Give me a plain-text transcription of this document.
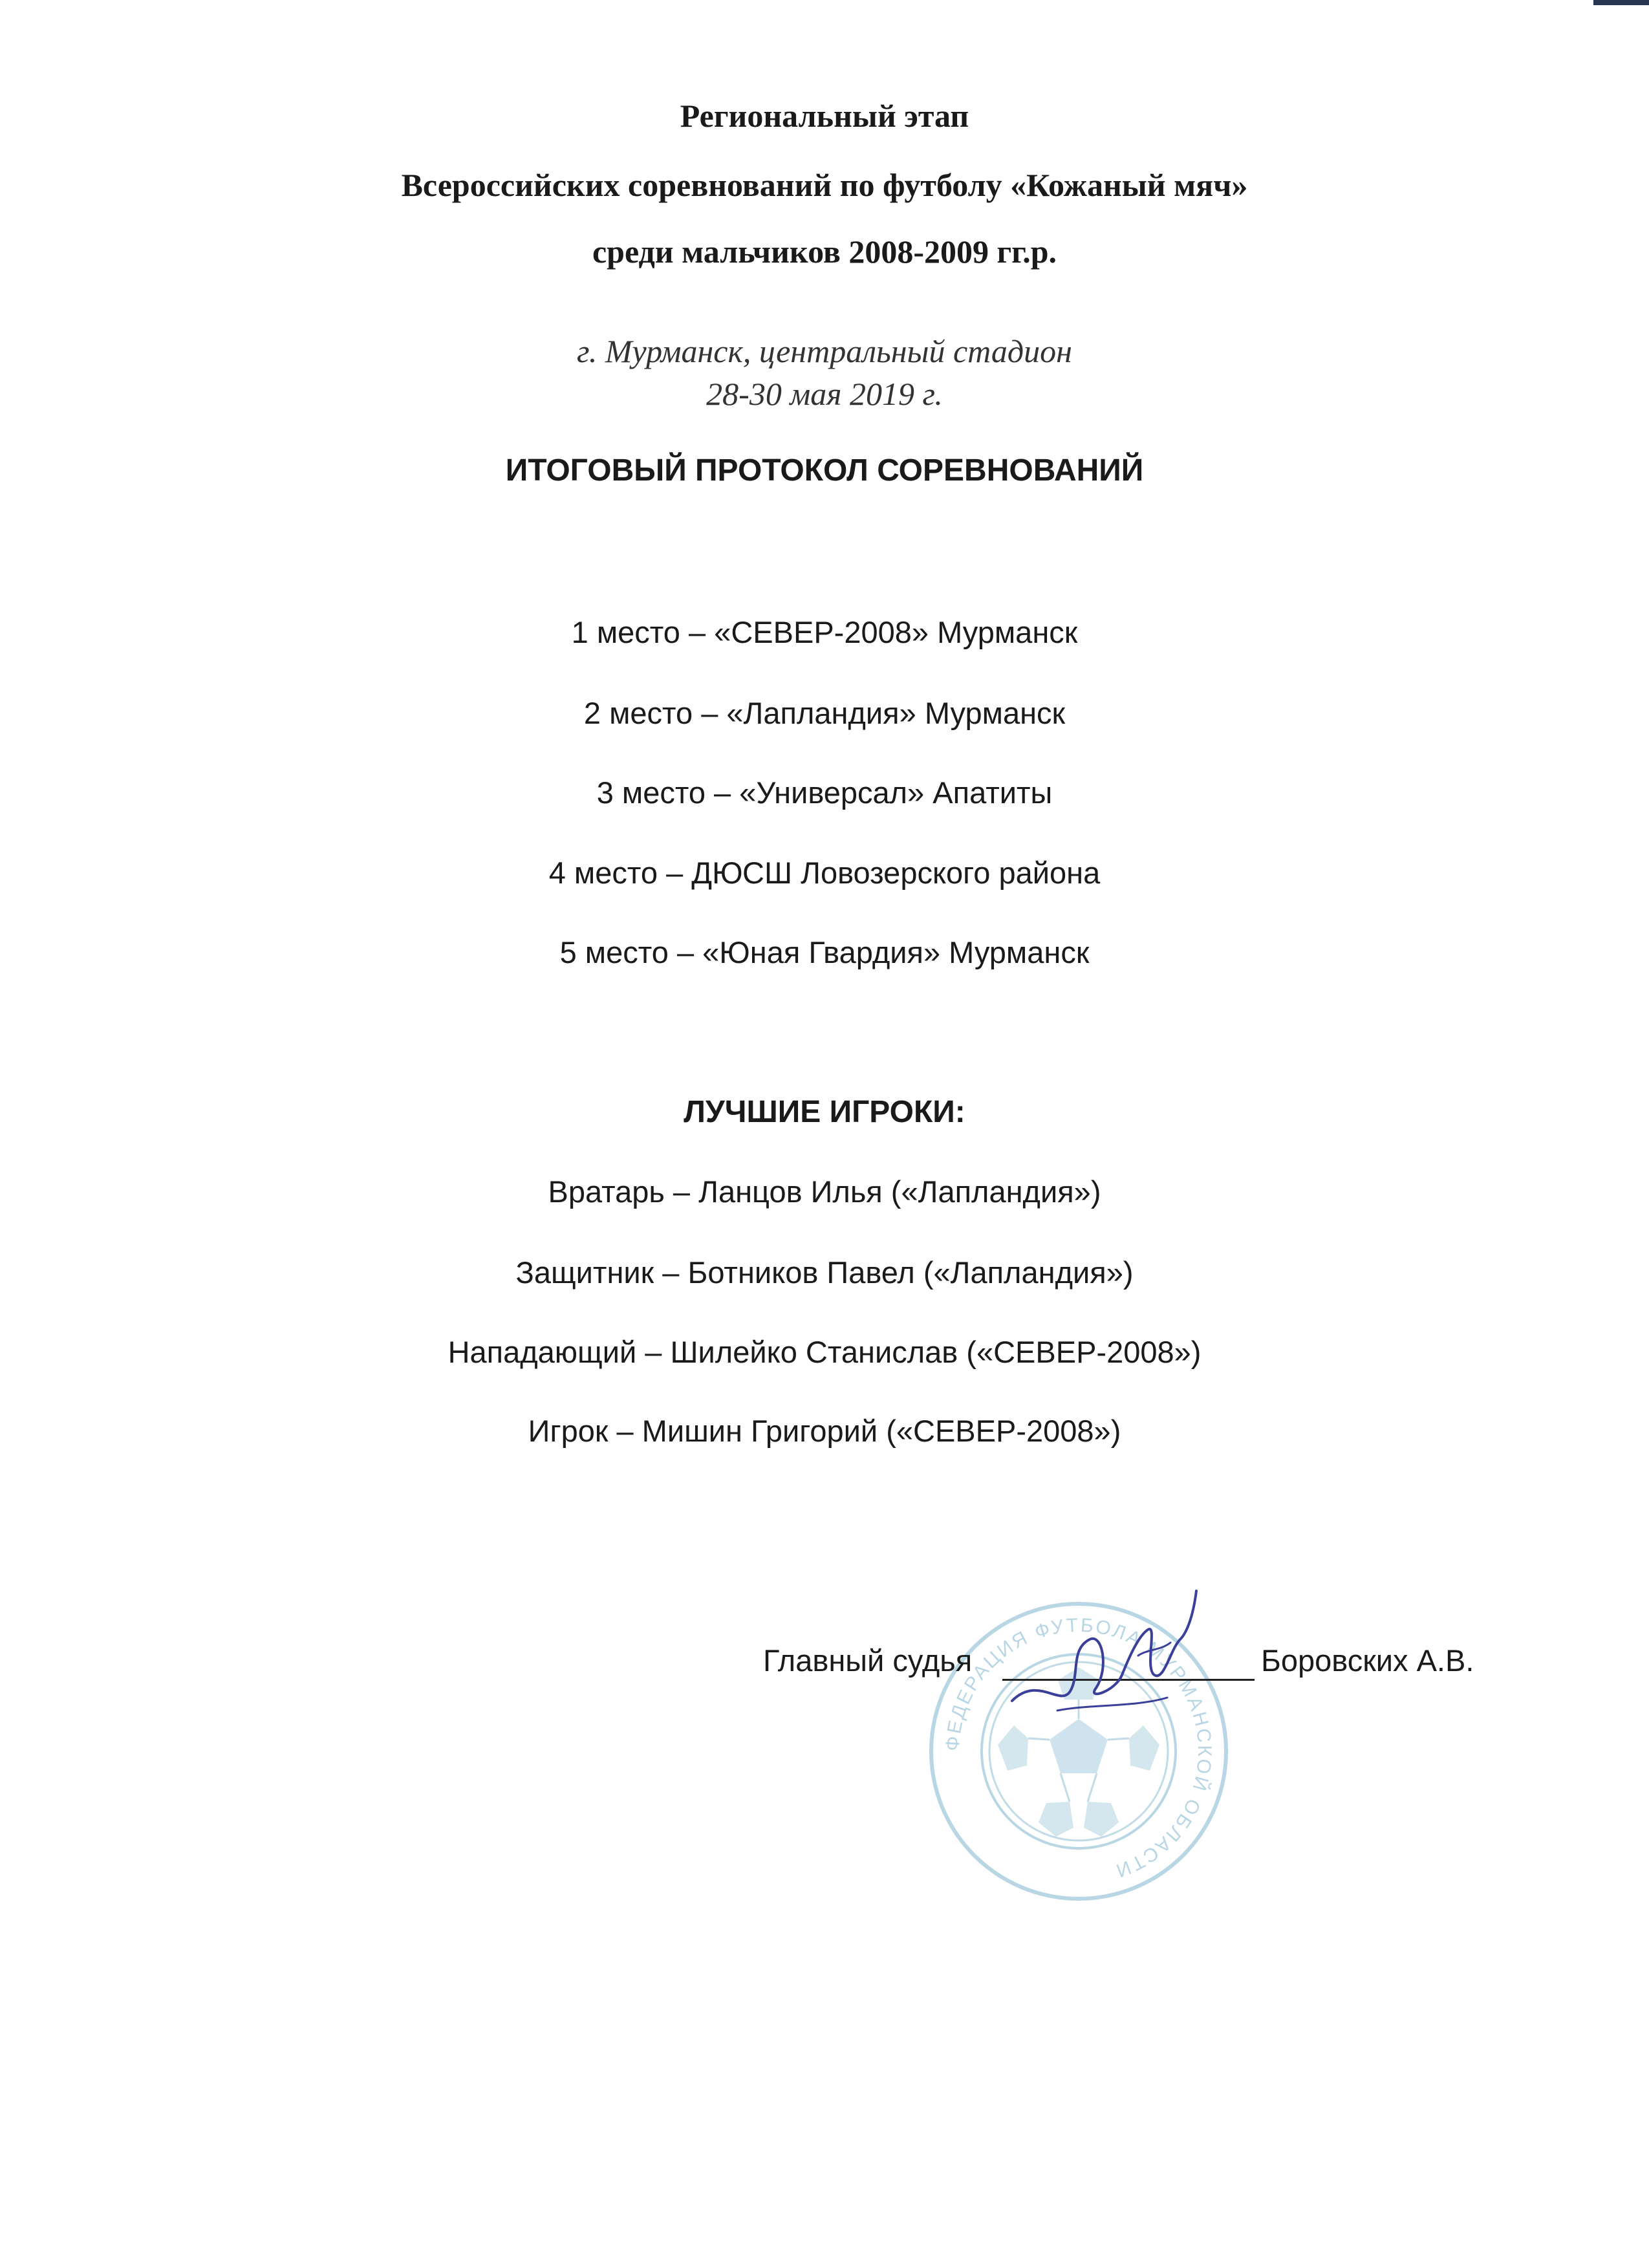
Региональный этап
Всероссийских соревнований по футболу «Кожаный мяч»
среди мальчиков 2008-2009 гг.р.
г. Мурманск, центральный стадион
28-30 мая 2019 г.
ИТОГОВЫЙ ПРОТОКОЛ СОРЕВНОВАНИЙ
1 место – «СЕВЕР-2008» Мурманск
2 место – «Лапландия» Мурманск
3 место – «Универсал» Апатиты
4 место – ДЮСШ Ловозерского района
5 место – «Юная Гвардия» Мурманск
ЛУЧШИЕ ИГРОКИ:
Вратарь – Ланцов Илья («Лапландия»)
Защитник – Ботников Павел («Лапландия»)
Нападающий – Шилейко Станислав («СЕВЕР-2008»)
Игрок – Мишин Григорий («СЕВЕР-2008»)
ФЕДЕРАЦИЯ ФУТБОЛА МУРМАНСКОЙ ОБЛАСТИ
Главный судья	Боровских А.В.
